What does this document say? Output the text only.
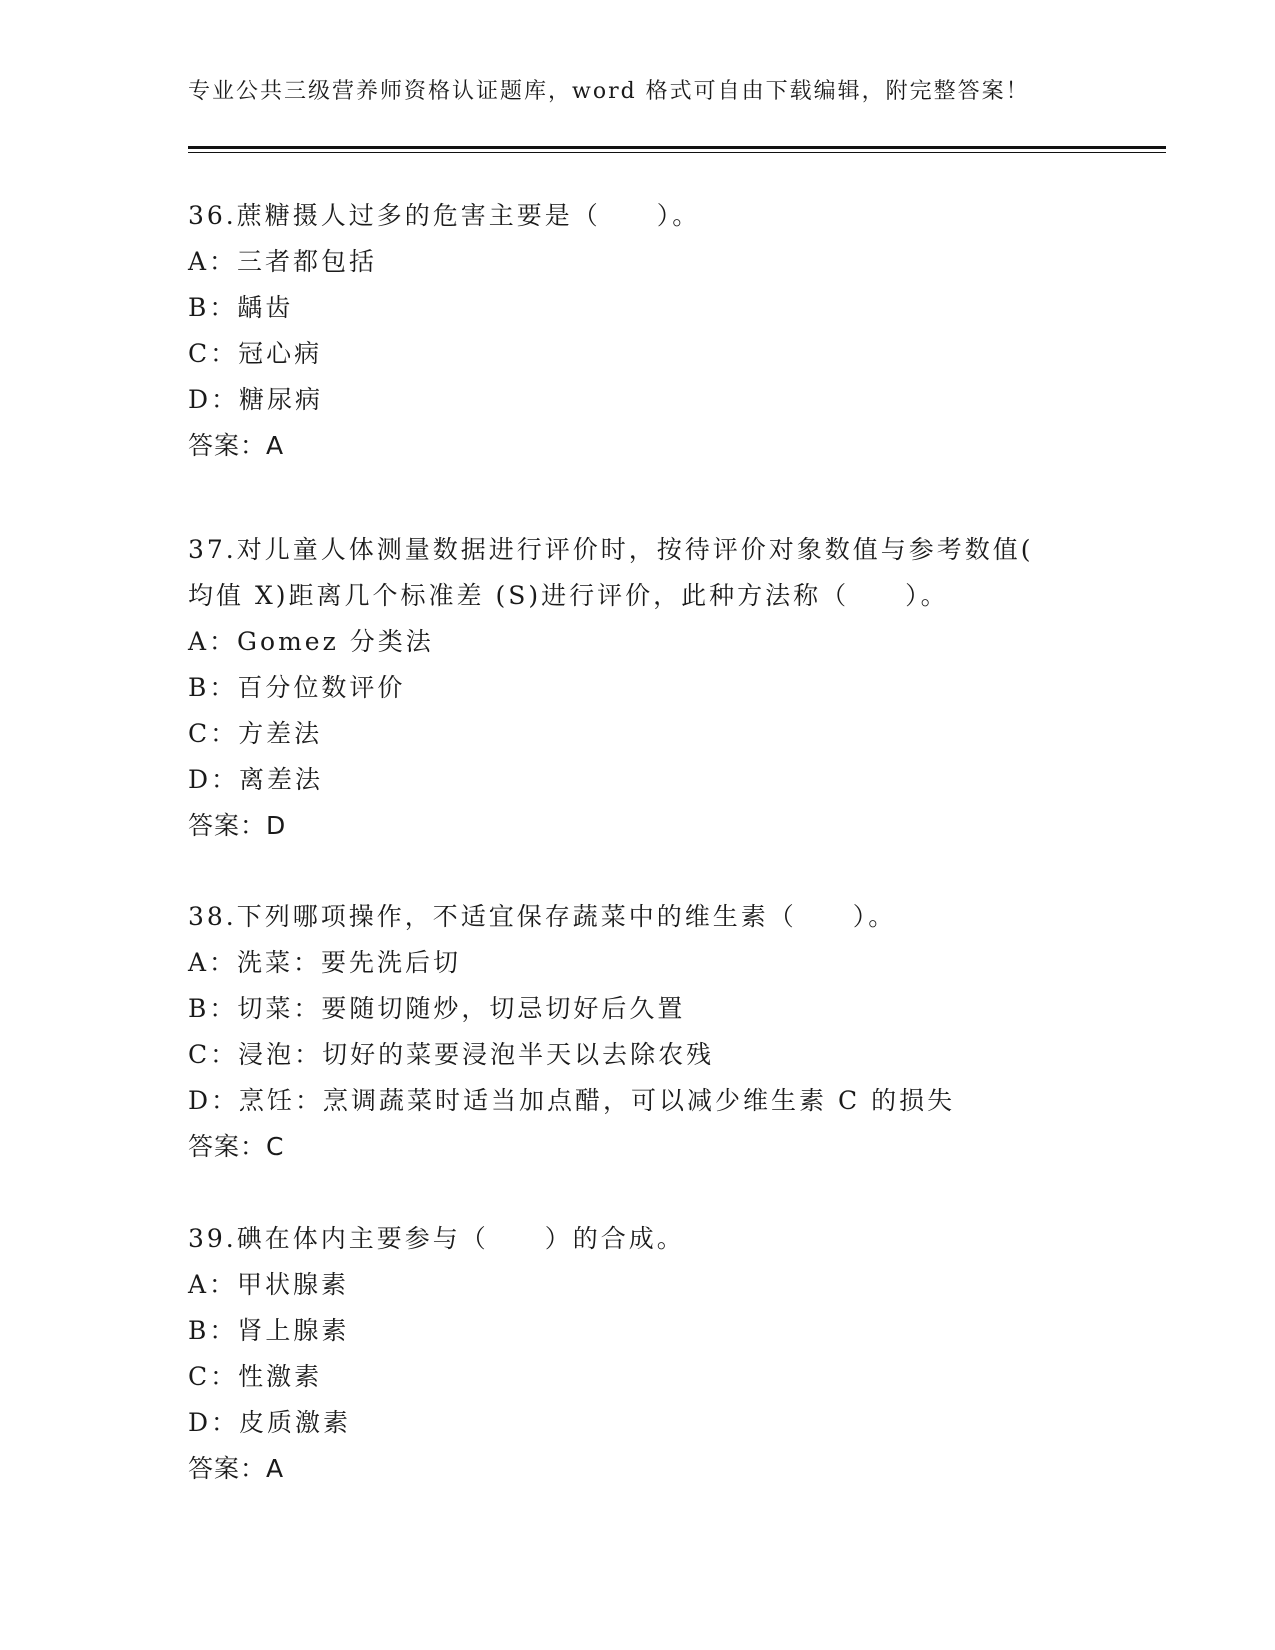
专业公共三级营养师资格认证题库，word 格式可自由下载编辑，附完整答案！
36.蔗糖摄人过多的危害主要是（　　）。
A：三者都包括
B：龋齿
C：冠心病
D：糖尿病
答案：A
37.对儿童人体测量数据进行评价时，按待评价对象数值与参考数值(
均值 X)距离几个标准差 (S)进行评价，此种方法称（　　）。
A：Gomez 分类法
B：百分位数评价
C：方差法
D：离差法
答案：D
38.下列哪项操作，不适宜保存蔬菜中的维生素（　　）。
A：洗菜：要先洗后切
B：切菜：要随切随炒，切忌切好后久置
C：浸泡：切好的菜要浸泡半天以去除农残
D：烹饪：烹调蔬菜时适当加点醋，可以减少维生素 C 的损失
答案：C
39.碘在体内主要参与（　　）的合成。
A：甲状腺素
B：肾上腺素
C：性激素
D：皮质激素
答案：A
